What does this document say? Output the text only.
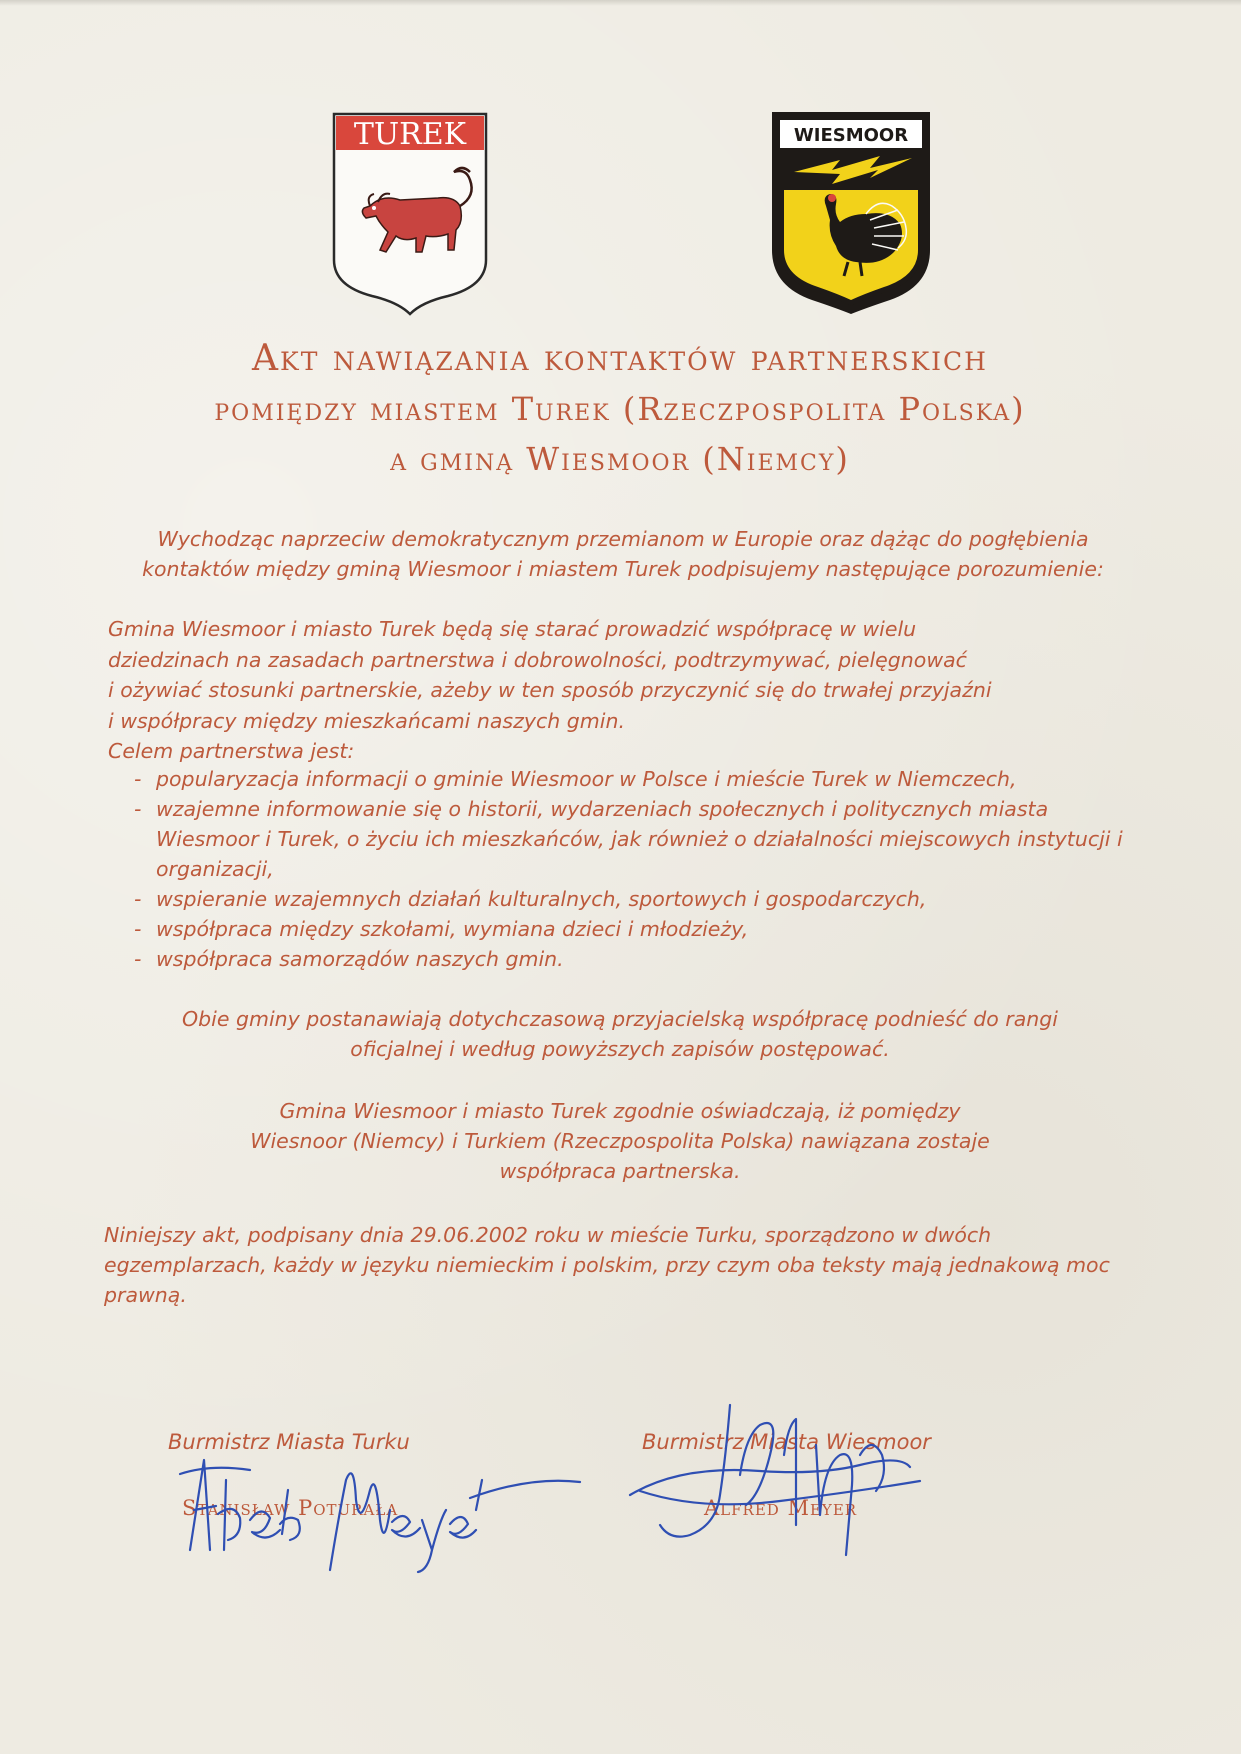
TUREK	WIESMOOR
Akt nawiązania kontaktów partnerskich
pomiędzy miastem Turek (Rzeczpospolita Polska)
a gminą Wiesmoor (Niemcy)
Wychodząc naprzeciw demokratycznym przemianom w Europie oraz dążąc do pogłębienia
kontaktów między gminą Wiesmoor i miastem Turek podpisujemy następujące porozumienie:
Gmina Wiesmoor i miasto Turek będą się starać prowadzić współpracę w wielu
dziedzinach na zasadach partnerstwa i dobrowolności, podtrzymywać, pielęgnować
i ożywiać stosunki partnerskie, ażeby w ten sposób przyczynić się do trwałej przyjaźni
i współpracy między mieszkańcami naszych gmin.
Celem partnerstwa jest:
- popularyzacja informacji o gminie Wiesmoor w Polsce i mieście Turek w Niemczech,
- wzajemne informowanie się o historii, wydarzeniach społecznych i politycznych miasta Wiesmoor i Turek, o życiu ich mieszkańców, jak również o działalności miejscowych instytucji i organizacji,
- wspieranie wzajemnych działań kulturalnych, sportowych i gospodarczych,
- współpraca między szkołami, wymiana dzieci i młodzieży,
- współpraca samorządów naszych gmin.
Obie gminy postanawiają dotychczasową przyjacielską współpracę podnieść do rangi
oficjalnej i według powyższych zapisów postępować.
Gmina Wiesmoor i miasto Turek zgodnie oświadczają, iż pomiędzy
Wiesnoor (Niemcy) i Turkiem (Rzeczpospolita Polska) nawiązana zostaje
współpraca partnerska.
Niniejszy akt, podpisany dnia 29.06.2002 roku w mieście Turku, sporządzono w dwóch
egzemplarzach, każdy w języku niemieckim i polskim, przy czym oba teksty mają jednakową moc
prawną.
Burmistrz Miasta Turku
Stanisław Poturała
Burmistrz Miasta Wiesmoor
Alfred Meyer
